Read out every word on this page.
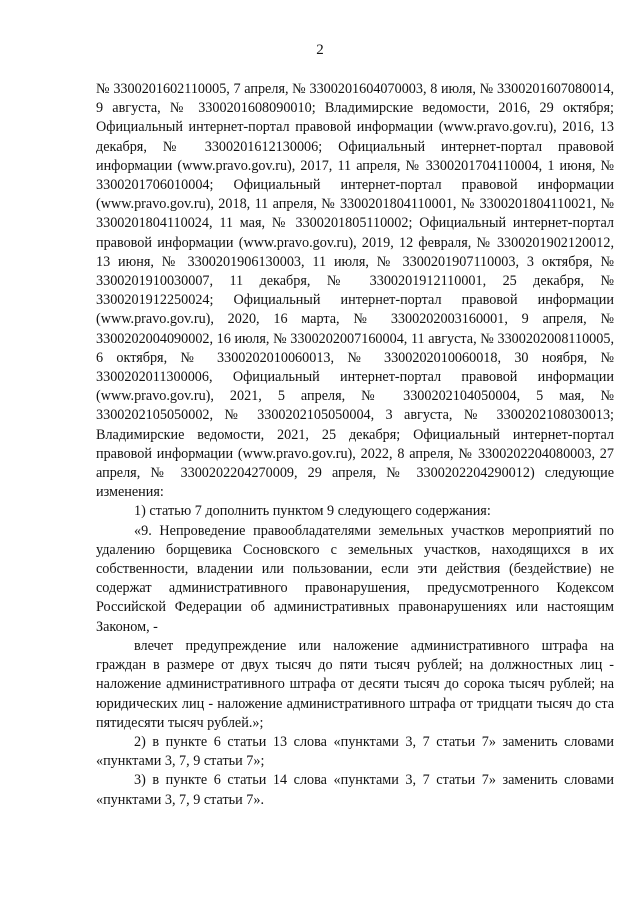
2

№ 3300201602110005, 7 апреля, № 3300201604070003, 8 июля, № 3300201607080014, 9 августа, № 3300201608090010; Владимирские ведомости, 2016, 29 октября; Официальный интернет-портал правовой информации (www.pravo.gov.ru), 2016, 13 декабря, № 3300201612130006; Официальный интернет-портал правовой информации (www.pravo.gov.ru), 2017, 11 апреля, № 3300201704110004, 1 июня, № 3300201706010004; Официальный интернет-портал правовой информации (www.pravo.gov.ru), 2018, 11 апреля, № 3300201804110001, № 3300201804110021, № 3300201804110024, 11 мая, № 3300201805110002; Официальный интернет-портал правовой информации (www.pravo.gov.ru), 2019, 12 февраля, № 3300201902120012, 13 июня, № 3300201906130003, 11 июля, № 3300201907110003, 3 октября, № 3300201910030007, 11 декабря, № 3300201912110001, 25 декабря, № 3300201912250024; Официальный интернет-портал правовой информации (www.pravo.gov.ru), 2020, 16 марта, № 3300202003160001, 9 апреля, № 3300202004090002, 16 июля, № 3300202007160004, 11 августа, № 3300202008110005, 6 октября, № 3300202010060013, № 3300202010060018, 30 ноября, № 3300202011300006, Официальный интернет-портал правовой информации (www.pravo.gov.ru), 2021, 5 апреля, № 3300202104050004, 5 мая, № 3300202105050002, № 3300202105050004, 3 августа, № 3300202108030013; Владимирские ведомости, 2021, 25 декабря; Официальный интернет-портал правовой информации (www.pravo.gov.ru), 2022, 8 апреля, № 3300202204080003, 27 апреля, № 3300202204270009, 29 апреля, № 3300202204290012) следующие изменения:

1) статью 7 дополнить пунктом 9 следующего содержания:

«9. Непроведение правообладателями земельных участков мероприятий по удалению борщевика Сосновского с земельных участков, находящихся в их собственности, владении или пользовании, если эти действия (бездействие) не содержат административного правонарушения, предусмотренного Кодексом Российской Федерации об административных правонарушениях или настоящим Законом, -

влечет предупреждение или наложение административного штрафа на граждан в размере от двух тысяч до пяти тысяч рублей; на должностных лиц - наложение административного штрафа от десяти тысяч до сорока тысяч рублей; на юридических лиц - наложение административного штрафа от тридцати тысяч до ста пятидесяти тысяч рублей.»;

2) в пункте 6 статьи 13 слова «пунктами 3, 7 статьи 7» заменить словами «пунктами 3, 7, 9 статьи 7»;

3) в пункте 6 статьи 14 слова «пунктами 3, 7 статьи 7» заменить словами «пунктами 3, 7, 9 статьи 7».
